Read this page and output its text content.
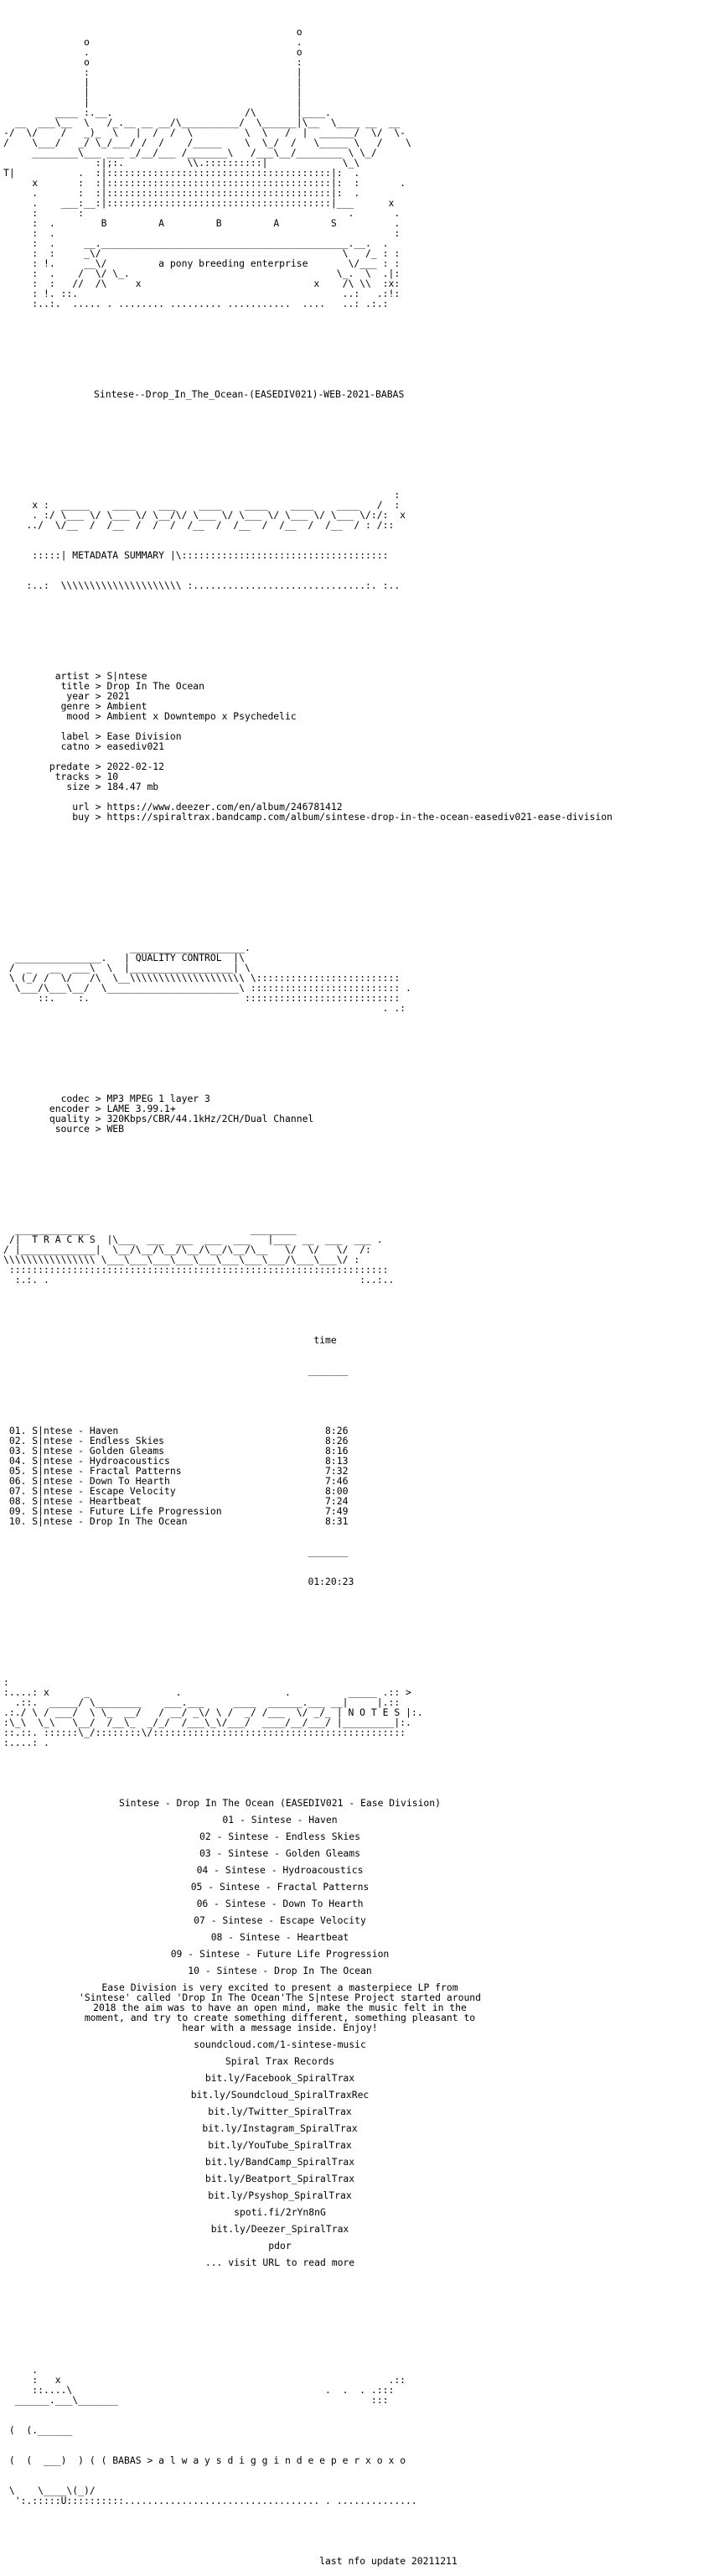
o
o                                    .
.                                    o
o                                    :
:                                    |
|                                    |
|                                    |
|                                    |
____ :.__.                       /\       |____.
__  ___\__  \   /_.__ __ __/\__________/  \______|\__  \____ __  __
-/  \/    /   _)_  \   |  /  /  \         \  \   /  |  ______/  \/  \-
/    \___/   _/ \_/___/ /  /    /_____    \  \_/  /   \_____ \   /    \
________\___ ___ _/__/___ /_______\   /___\__/________ \ \_/
:|;:.           \\.::::::::::|             \_\
T|           .  :|:::::::::::::::::::::::::::::::::::::::|:  .
x       :  :|:::::::::::::::::::::::::::::::::::::::|:  :       .
.       :  :|:::::::::::::::::::::::::::::::::::::::|:  .
.    ___:__:|:::::::::::::::::::::::::::::::::::::::|___      x
:       :                                              .       .
:  .        B         A         B         A         S          .
:  .                                                           :
:  .     __.___________________________________________.__.  .
:  :     _\/                                          \   /_ : :
: !.     __\/         a pony breeding enterprise       \/___ : :
:  .    /  \/ \_.                                    \_.  \  .|:
:  :   //  /\     x                              x    /\ \\  :x:
: !. ::.                                              ..:   .:!:
:..:.  ..... . ........ ......... ...........  ....   ..: .:.:

Sintese--Drop_In_The_Ocean-(EASEDIV021)-WEB-2021-BABAS

:
x :  _____    ____    ___    ____    ____    ____    ____   /  :
. :/ \___ \/ \___ \/ \__/\/ \___ \/ \___ \/ \___ \/ \___ \/:/:  x
../  \/__  /  /__  /  /  /  /__  /  /__  /  /__  /  /__  / : /::

:::::| METADATA SUMMARY |\::::::::::::::::::::::::::::::::::::

:..:  \\\\\\\\\\\\\\\\\\\\\ :..............................:. :..

artist > S|ntese
title > Drop In The Ocean
year > 2021
genre > Ambient
mood > Ambient x Downtempo x Psychedelic
label > Ease Division
catno > easediv021
predate > 2022-02-12
tracks > 10
size > 184.47 mb
url > https://www.deezer.com/en/album/246781412
buy > https://spiraltrax.bandcamp.com/album/sintese-drop-in-the-ocean-easediv021-ease-division

____________________.
_______________.   | QUALITY CONTROL  |\
/  _   __  ___\  \  |__________________| \
\ (_/ /  \/   /\  \__\\\\\\\\\\\\\\\\\\\\ \:::::::::::::::::::::::::
\___/\___\__/  \_______________________\ :::::::::::::::::::::::::: .
::.    :.                           :::::::::::::::::::::::::::
. .:

codec > MP3 MPEG 1 layer 3
encoder > LAME 3.99.1+
quality > 320Kbps/CBR/44.1kHz/2CH/Dual Channel
source > WEB

_____________                            ________
/|  T R A C K S  |\___  ___  ___  ___  ___   |___  __  ___  ___ .
/ |_____________|  \__/\__/\__/\__/\__/\__/\__   \/  \/   \/  /:
\\\\\\\\\\\\\\\\ \___\___\___\___\___\___\___\___/\___\___\/ :
::::::::::::::::::::::::::::::::::::::::::::::::::::::::::::::::::
:.:. .                                                      :..:..

time

_______

01. S|ntese - Haven	8:26
02. S|ntese - Endless Skies	8:26
03. S|ntese - Golden Gleams	8:16
04. S|ntese - Hydroacoustics	8:13
05. S|ntese - Fractal Patterns	7:32
06. S|ntese - Down To Hearth	7:46
07. S|ntese - Escape Velocity	8:00
08. S|ntese - Heartbeat	7:24
09. S|ntese - Future Life Progression	7:49
10. S|ntese - Drop In The Ocean	8:31

_______

01:20:23

:
:....: x      _               .                  .          _____ .:: >
.::.  _____/ \________    ___.___     ____  ______.___ __|     |.::
.:./ \ / ___/  \ \_  __/   / __/ _\/ \ /  _/ /___  \/ _/_ | N O T E S |:.
:\_\  \_\   \__/  /__\_  _/_/  /___\_\/___/  ____/__/___/ |_________|:.
::.::. ::::::\_/::::::::\/::::::::::::::::::::::::::::::::::::::::::::
:....: .

Sintese - Drop In The Ocean (EASEDIV021 - Ease Division)
01 - Sintese - Haven
02 - Sintese - Endless Skies
03 - Sintese - Golden Gleams
04 - Sintese - Hydroacoustics
05 - Sintese - Fractal Patterns
06 - Sintese - Down To Hearth
07 - Sintese - Escape Velocity
08 - Sintese - Heartbeat
09 - Sintese - Future Life Progression
10 - Sintese - Drop In The Ocean
Ease Division is very excited to present a masterpiece LP from
'Sintese' called 'Drop In The Ocean'The S|ntese Project started around
2018 the aim was to have an open mind, make the music felt in the
moment, and try to create something different, something pleasant to
hear with a message inside. Enjoy!
soundcloud.com/1-sintese-music
Spiral Trax Records
bit.ly/Facebook_SpiralTrax
bit.ly/Soundcloud_SpiralTraxRec
bit.ly/Twitter_SpiralTrax
bit.ly/Instagram_SpiralTrax
bit.ly/YouTube_SpiralTrax
bit.ly/BandCamp_SpiralTrax
bit.ly/Beatport_SpiralTrax
bit.ly/Psyshop_SpiralTrax
spoti.fi/2rYn8nG
bit.ly/Deezer_SpiralTrax
pdor
... visit URL to read more

.
:   x                                                         .::
::....\                                            .  .  . .:::
______.___\_______                                            :::

(  (.______

(  (  ___)  ) ( ( BABAS > a l w a y s d i g g i n d e e p e r x o x o

\    \____\(_)/
':.:::::U::::::::::.................................. . ..............

last nfo update 20211211
